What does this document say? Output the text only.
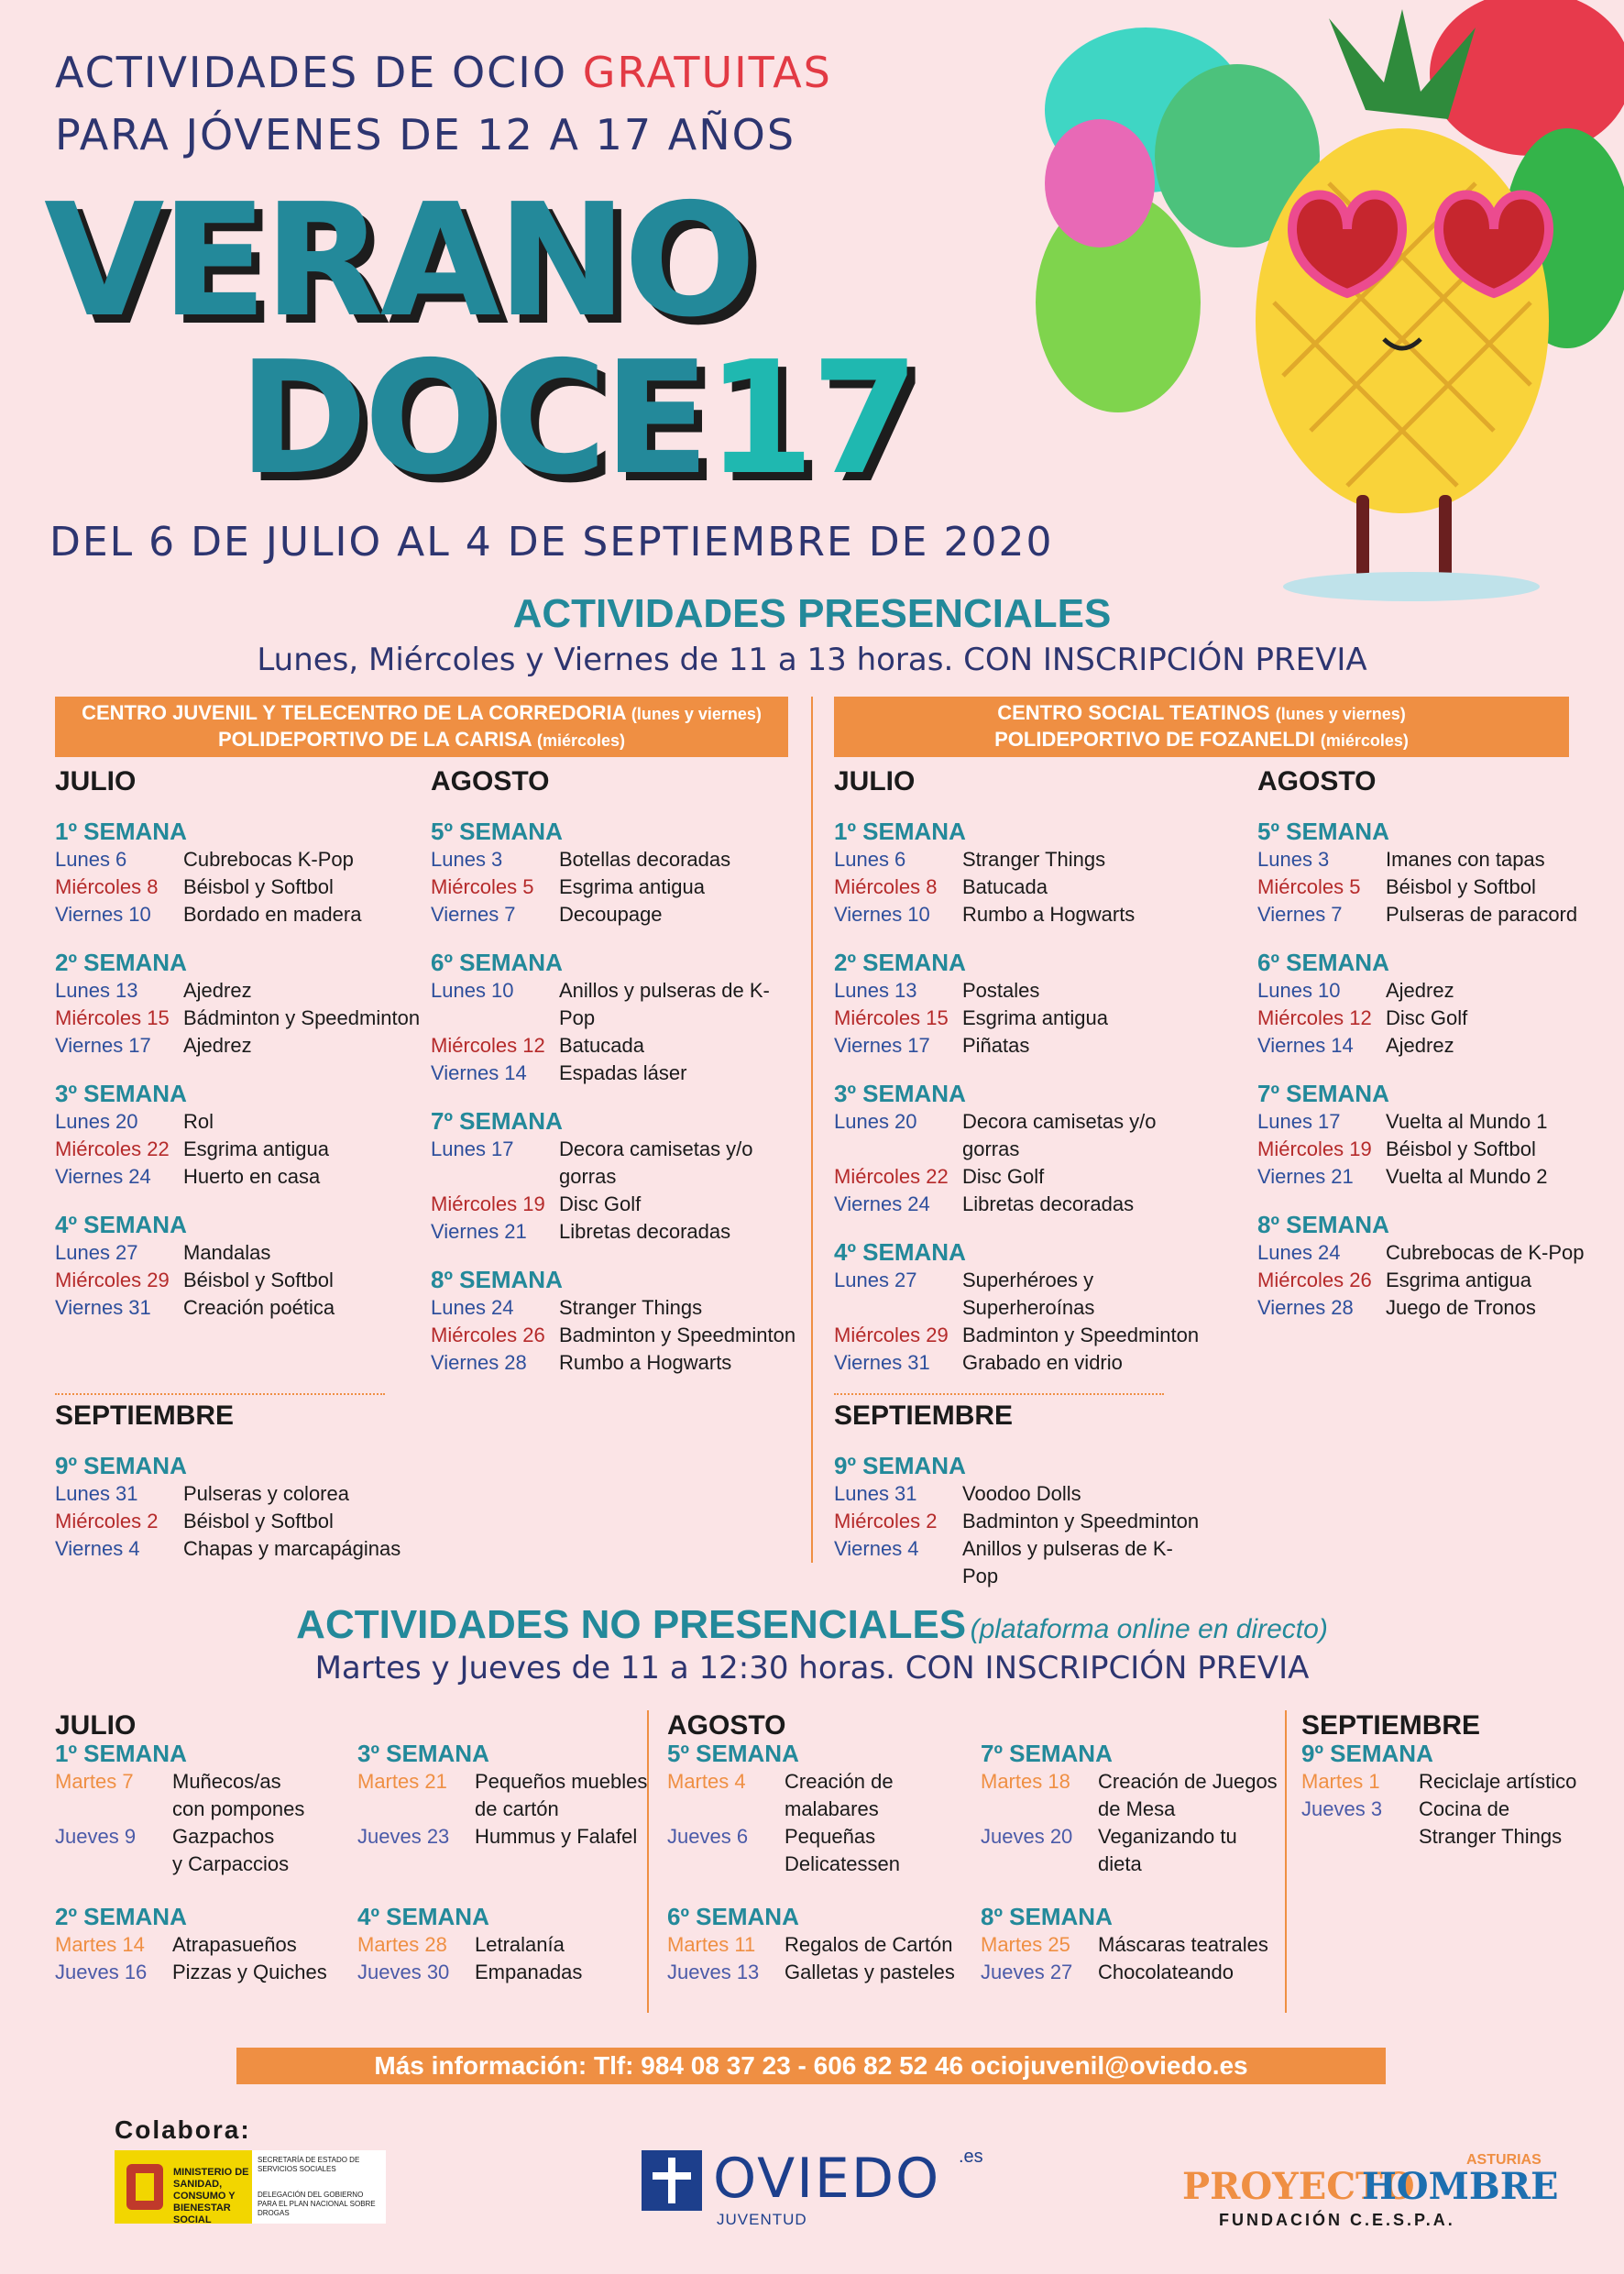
ACTIVIDADES DE OCIO GRATUITAS
PARA JÓVENES DE 12 A 17 AÑOS
VERANO
DOCE17
DEL 6 DE JULIO AL 4 DE SEPTIEMBRE DE 2020
ACTIVIDADES PRESENCIALES
Lunes, Miércoles y Viernes de 11 a 13 horas. CON INSCRIPCIÓN PREVIA
CENTRO JUVENIL Y TELECENTRO DE LA CORREDORIA (lunes y viernes)
POLIDEPORTIVO DE LA CARISA (miércoles)
CENTRO SOCIAL TEATINOS (lunes y viernes)
POLIDEPORTIVO DE FOZANELDI (miércoles)
JULIO
1º SEMANA
Lunes 6	Cubrebocas K-Pop
Miércoles 8	Béisbol y Softbol
Viernes 10	Bordado en madera
2º SEMANA
Lunes 13	Ajedrez
Miércoles 15 Bádminton y Speedminton
Viernes 17	Ajedrez
3º SEMANA
Lunes 20	Rol
Miércoles 22 Esgrima antigua
Viernes 24	Huerto en casa
4º SEMANA
Lunes 27	Mandalas
Miércoles 29 Béisbol y Softbol
Viernes 31	Creación poética
AGOSTO
5º SEMANA
Lunes 3	Botellas decoradas
Miércoles 5	Esgrima antigua
Viernes 7	Decoupage
6º SEMANA
Lunes 10	Anillos y pulseras de K-Pop
Miércoles 12 Batucada
Viernes 14	Espadas láser
7º SEMANA
Lunes 17	Decora camisetas y/o gorras
Miércoles 19 Disc Golf
Viernes 21	Libretas decoradas
8º SEMANA
Lunes 24	Stranger Things
Miércoles 26 Badminton y Speedminton
Viernes 28	Rumbo a Hogwarts
JULIO
1º SEMANA
Lunes 6	Stranger Things
Miércoles 8	Batucada
Viernes 10	Rumbo a Hogwarts
2º SEMANA
Lunes 13	Postales
Miércoles 15 Esgrima antigua
Viernes 17	Piñatas
3º SEMANA
Lunes 20	Decora camisetas y/o gorras
Miércoles 22 Disc Golf
Viernes 24	Libretas decoradas
4º SEMANA
Lunes 27	Superhéroes y Superheroínas
Miércoles 29 Badminton y Speedminton
Viernes 31	Grabado en vidrio
AGOSTO
5º SEMANA
Lunes 3	Imanes con tapas
Miércoles 5	Béisbol y Softbol
Viernes 7	Pulseras de paracord
6º SEMANA
Lunes 10	Ajedrez
Miércoles 12 Disc Golf
Viernes 14	Ajedrez
7º SEMANA
Lunes 17	Vuelta al Mundo 1
Miércoles 19 Béisbol y Softbol
Viernes 21	Vuelta al Mundo 2
8º SEMANA
Lunes 24	Cubrebocas de K-Pop
Miércoles 26 Esgrima antigua
Viernes 28	Juego de Tronos
SEPTIEMBRE
9º SEMANA
Lunes 31	Pulseras y colorea
Miércoles 2	Béisbol y Softbol
Viernes 4	Chapas y marcapáginas
SEPTIEMBRE
9º SEMANA
Lunes 31	Voodoo Dolls
Miércoles 2	Badminton y Speedminton
Viernes 4	Anillos y pulseras de K-Pop
ACTIVIDADES NO PRESENCIALES (plataforma online en directo)
Martes y Jueves de 11 a 12:30 horas. CON INSCRIPCIÓN PREVIA
JULIO	AGOSTO	SEPTIEMBRE
1º SEMANA
Martes 7	Muñecos/as
con pompones
Jueves 9	Gazpachos
y Carpaccios
3º SEMANA
Martes 21	Pequeños muebles
de cartón
Jueves 23	Hummus y Falafel
5º SEMANA
Martes 4	Creación de
malabares
Jueves 6	Pequeñas
Delicatessen
7º SEMANA
Martes 18	Creación de Juegos
de Mesa
Jueves 20	Veganizando tu dieta
9º SEMANA
Martes 1	Reciclaje artístico
Jueves 3	Cocina de
Stranger Things
2º SEMANA
Martes 14	Atrapasueños
Jueves 16	Pizzas y Quiches
4º SEMANA
Martes 28	Letralanía
Jueves 30	Empanadas
6º SEMANA
Martes 11	Regalos de Cartón
Jueves 13	Galletas y pasteles
8º SEMANA
Martes 25	Máscaras teatrales
Jueves 27	Chocolateando
Más información: Tlf: 984 08 37 23 - 606 82 52 46 ociojuvenil@oviedo.es
Colabora:
MINISTERIO DE SANIDAD, CONSUMO Y BIENESTAR SOCIAL
SECRETARÍA DE ESTADO DE SERVICIOS SOCIALES
DELEGACIÓN DEL GOBIERNO PARA EL PLAN NACIONAL SOBRE DROGAS
OVIEDO .es
JUVENTUD
PROYECTO
HOMBRE
ASTURIAS
FUNDACIÓN C.E.S.P.A.
